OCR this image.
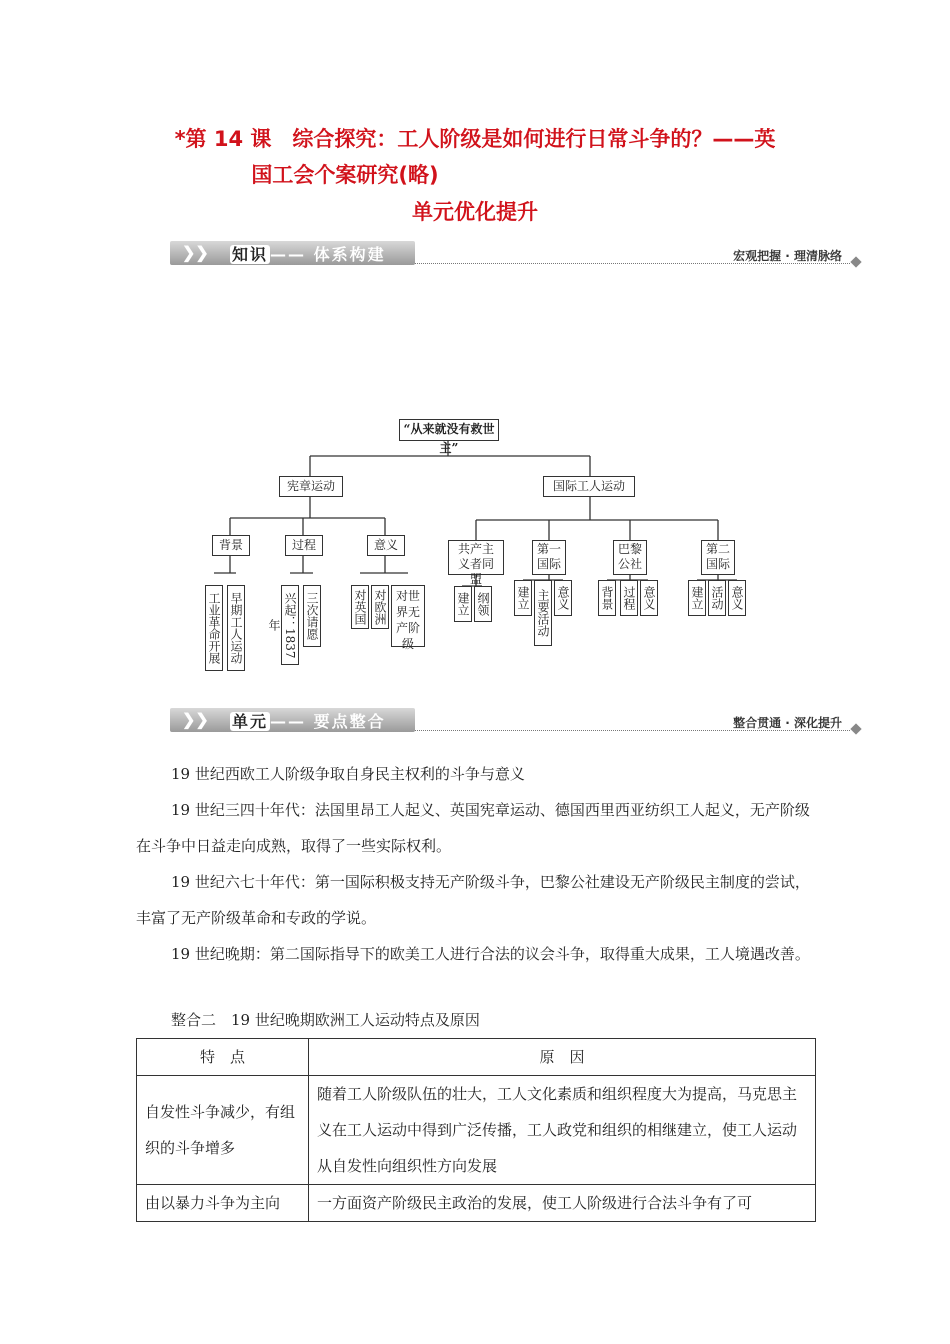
*第 14 课　综合探究：工人阶级是如何进行日常斗争的？——英
国工会个案研究(略)
单元优化提升
❯❯ 知识 —— 体系构建	宏观把握 · 理清脉络
“从来就没有救世主”
宪章运动	国际工人运动
背景	过程	意义
工业革命开展 早期工人运动	兴起：1837年	三次请愿	对英国 对欧洲 对世界无产阶级
共产主义者同盟
第一国际
巴黎公社
第二国际
建立 纲领 建立 主要活动 意义	背景 过程 意义	建立 活动 意义
❯❯ 单元 —— 要点整合	整合贯通 · 深化提升

19 世纪西欧工人阶级争取自身民主权利的斗争与意义

19 世纪三四十年代：法国里昂工人起义、英国宪章运动、德国西里西亚纺织工人起义，无产阶级在斗争中日益走向成熟，取得了一些实际权利。

19 世纪六七十年代：第一国际积极支持无产阶级斗争，巴黎公社建设无产阶级民主制度的尝试，丰富了无产阶级革命和专政的学说。

19 世纪晚期：第二国际指导下的欧美工人进行合法的议会斗争，取得重大成果，工人境遇改善。

整合二　19 世纪晚期欧洲工人运动特点及原因

特　点	原　因
自发性斗争减少，有组织的斗争增多	随着工人阶级队伍的壮大，工人文化素质和组织程度大为提高，马克思主义在工人运动中得到广泛传播，工人政党和组织的相继建立，使工人运动从自发性向组织性方向发展
由以暴力斗争为主向	一方面资产阶级民主政治的发展，使工人阶级进行合法斗争有了可
